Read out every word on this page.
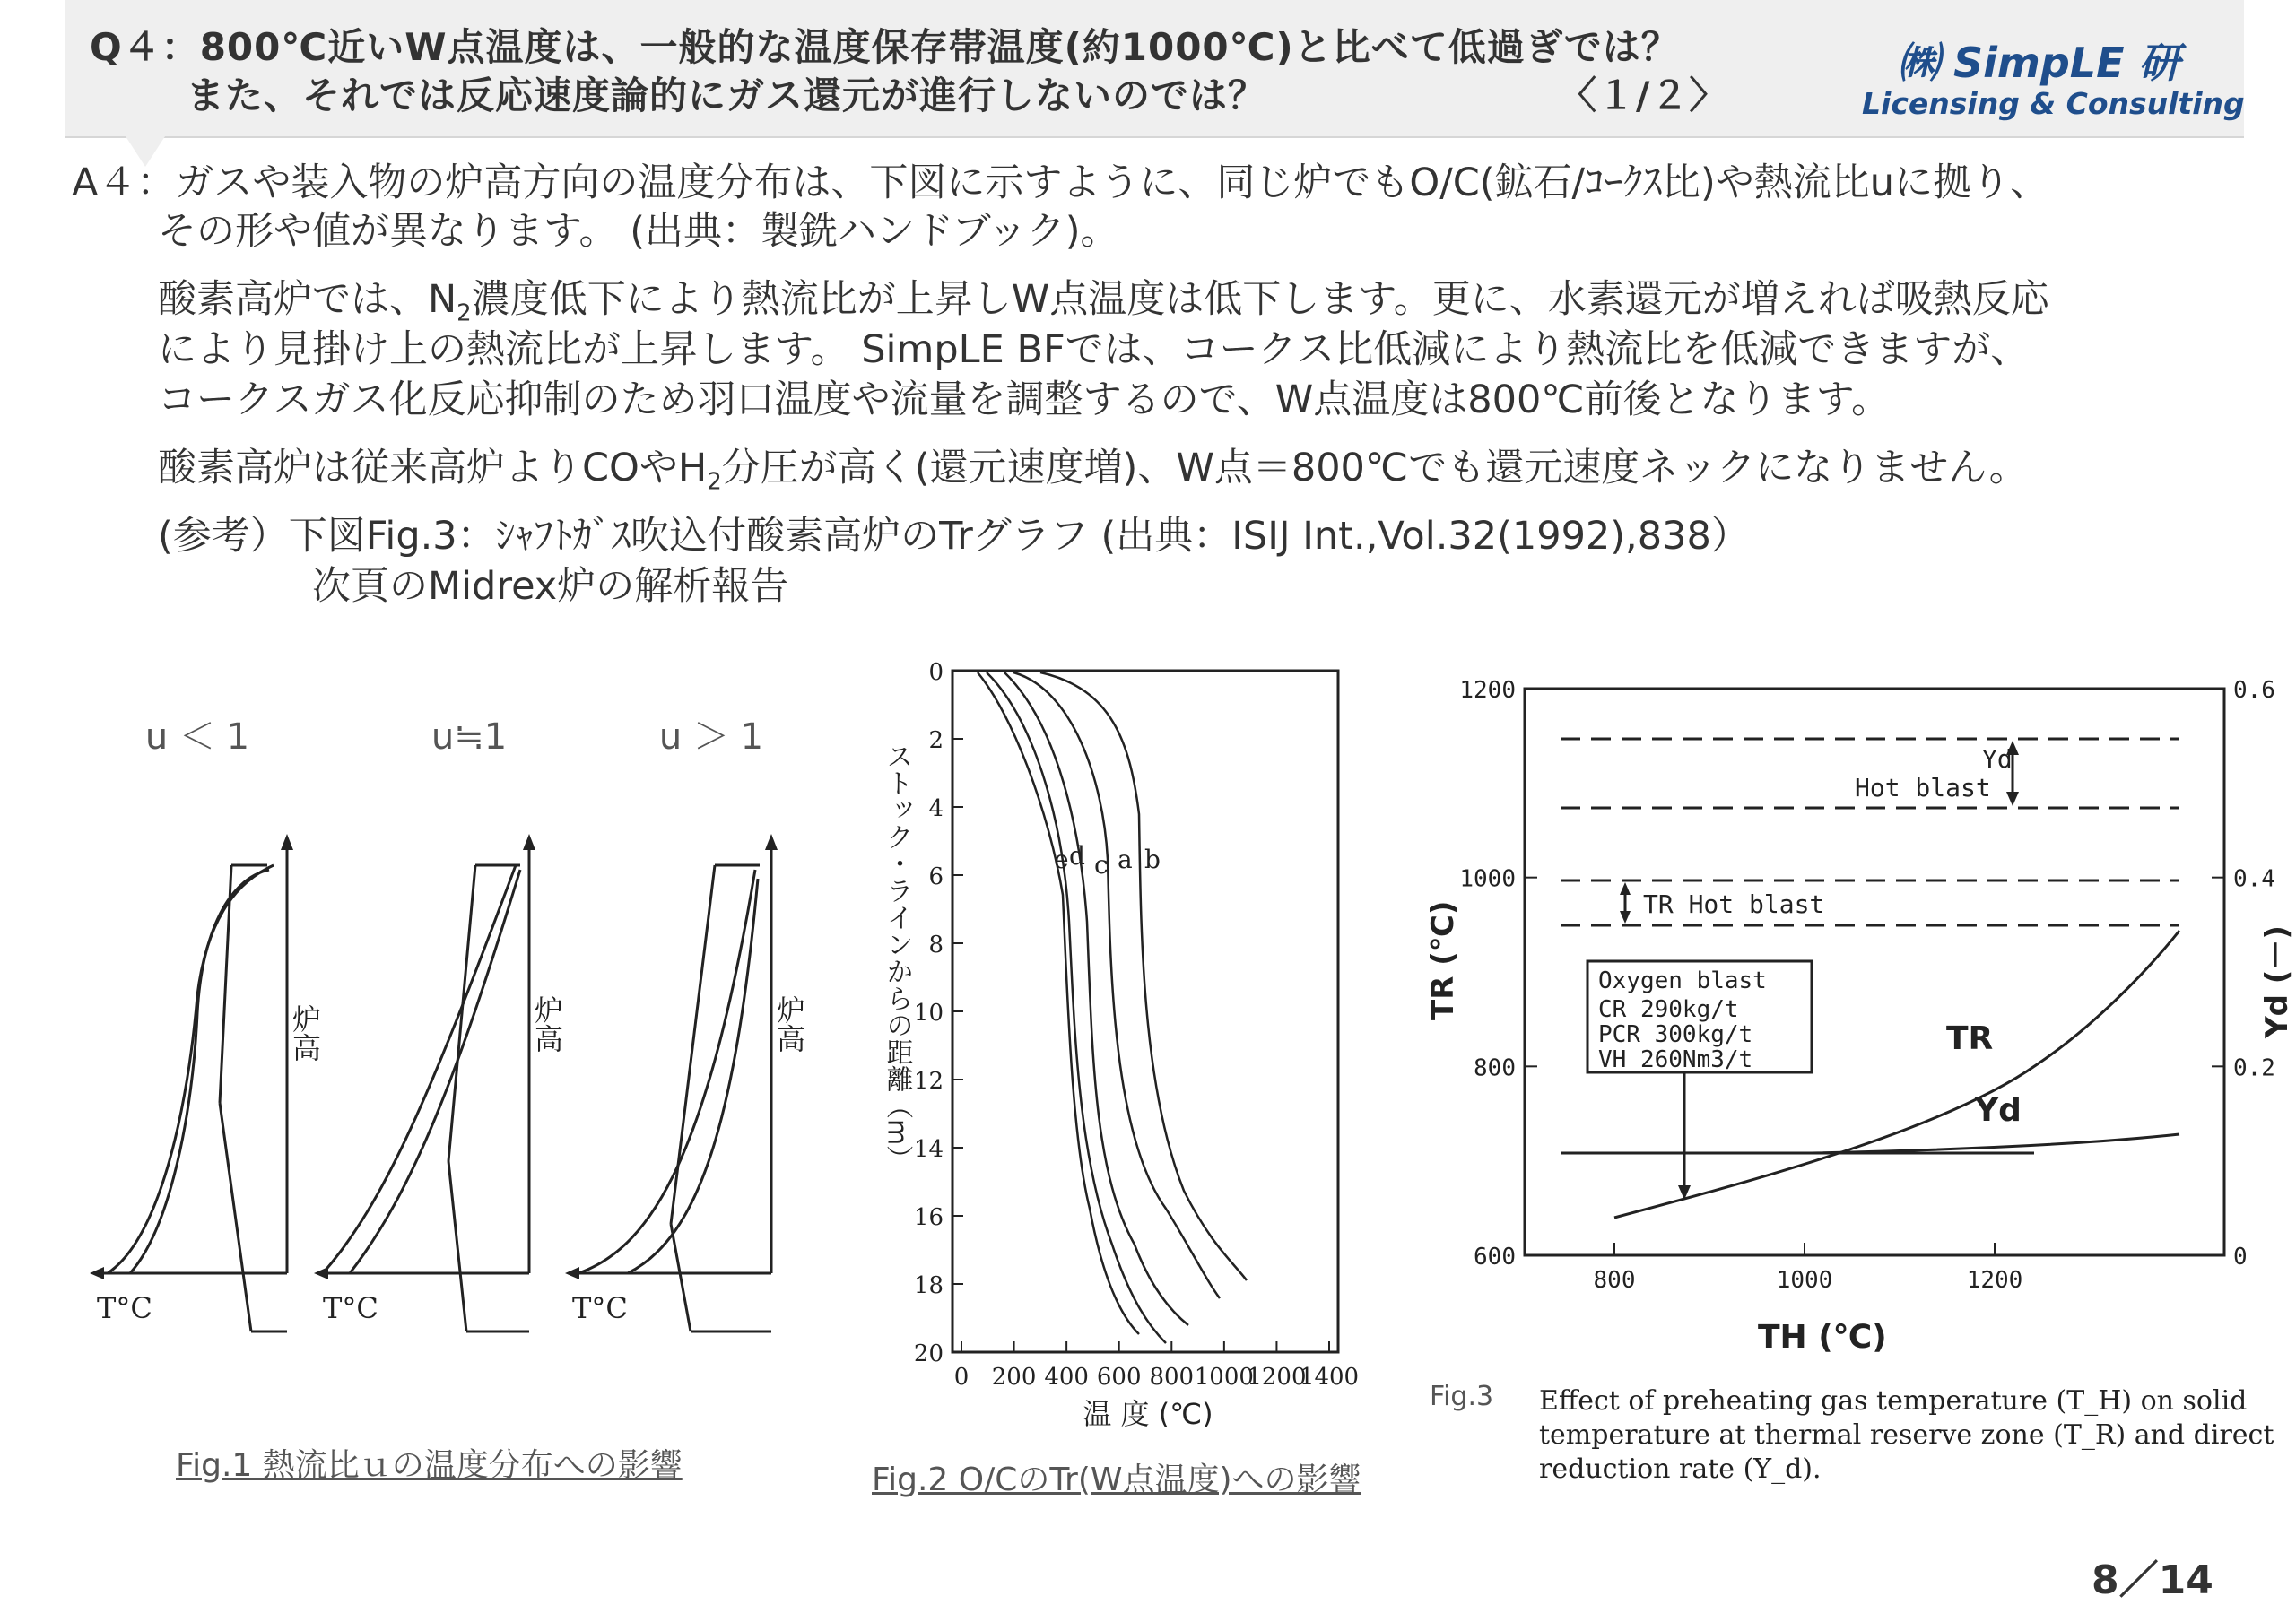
Q４：800℃近いW点温度は、一般的な温度保存帯温度(約1000℃)と比べて低過ぎでは？
また、それでは反応速度論的にガス還元が進行しないのでは？	〈１/２〉
㈱ SimpLE 研
Licensing & Consulting
A４：ガスや装入物の炉高方向の温度分布は、下図に示すように、同じ炉でもO/C(鉱石/ｺｰｸｽ比)や熱流比uに拠り、
その形や値が異なります。 (出典：製銑ハンドブック)。
酸素高炉では、$N_2$濃度低下により熱流比が上昇しW点温度は低下します。更に、水素還元が増えれば吸熱反応
により見掛け上の熱流比が上昇します。 SimpLE BFでは、コークス比低減により熱流比を低減できますが、
コークスガス化反応抑制のため羽口温度や流量を調整するので、W点温度は800℃前後となります。
酸素高炉は従来高炉よりCOや$H_2$分圧が高く(還元速度増)、W点＝800℃でも還元速度ネックになりません。
(参考）下図Fig.3：ｼｬﾌﾄｶﾞｽ吹込付酸素高炉のTrグラフ (出典：ISIJ Int.,Vol.32(1992),838）
次頁のMidrex炉の解析報告
u ＜ 1	u≒1	u ＞ 1
T°C	T°C	T°C
炉高	炉高	炉高
Fig.1 熱流比ｕの温度分布への影響
0
2
4
6
8
10
12
14
16
18
20
0 200 400 600 800 1000
1200
1400
e d c a b
ストック・ラインからの距離（m）
温 度 (℃)
Fig.2 O/CのTr(W点温度)への影響
1200	0.6
1000	0.4
800	0.2
600	0
800	1000	1200
Yd
Hot blast
TR Hot blast
Oxygen blast
CR 290kg/t
PCR 300kg/t
VH 260Nm3/t
TR
Yd
TR (℃)	Yd (－)
TH (℃)
Fig.3 Effect of preheating gas temperature (T_H) on solid
temperature at thermal reserve zone (T_R) and direct
reduction rate (Y_d).
8／14
